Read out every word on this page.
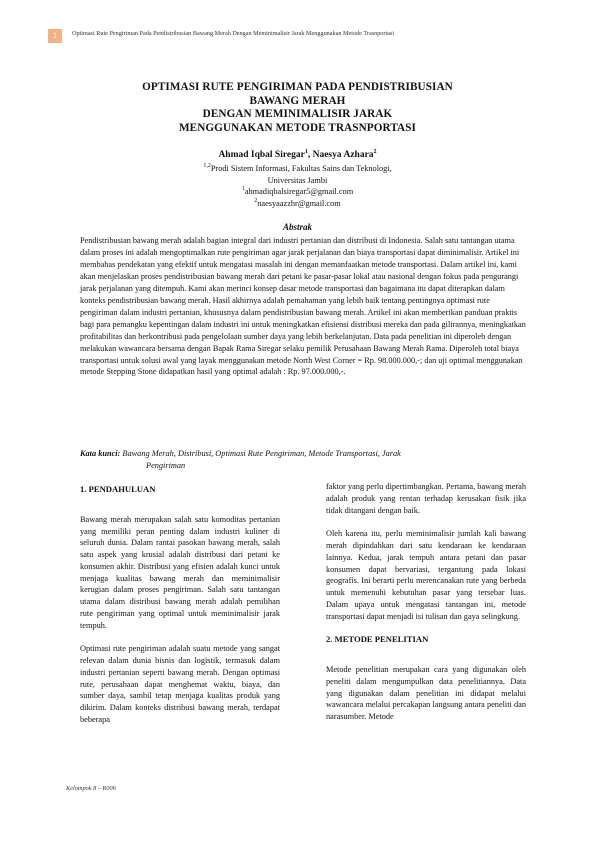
1	Optimasi Rute Pengiriman Pada Pendistribusian Bawang Merah Dengan Meminimalisir Jarak Menggunakan Metode Trasnportasi
OPTIMASI RUTE PENGIRIMAN PADA PENDISTRIBUSIAN
BAWANG MERAH
DENGAN MEMINIMALISIR JARAK
MENGGUNAKAN METODE TRASNPORTASI
Ahmad Iqbal Siregar$^1$, Naesya Azhara$^2$
$^{1,2}$Prodi Sistem Informasi, Fakultas Sains dan Teknologi,
Universitas Jambi
$^1$ahmadiqbalsiregar5@gmail.com
$^2$naesyaazzhr@gmail.com
Abstrak
Pendistribusian bawang merah adalah bagian integral dari industri pertanian dan distribusi di Indonesia. Salah satu tantangan utama dalam proses ini adalah mengoptimalkan rute pengiriman agar jarak perjalanan dan biaya transportasi dapat diminimalisir. Artikel ini membahas pendekatan yang efektif untuk mengatasi masalah ini dengan memanfaatkan metode transportasi. Dalam artikel ini, kami akan menjelaskan proses pendistribusian bawang merah dari petani ke pasar-pasar lokal atau nasional dengan fokus pada pengurangi jarak perjalanan yang ditempuh. Kami akan merinci konsep dasar metode transportasi dan bagaimana itu dapat diterapkan dalam konteks pendistribusian bawang merah. Hasil akhirnya adalah pemahaman yang lebih baik tentang pentingnya optimasi rute pengiriman dalam industri pertanian, khususnya dalam pendistribusian bawang merah. Artikel ini akan memberikan panduan praktis bagi para pemangku kepentingan dalam industri ini untuk meningkatkan efisiensi distribusi mereka dan pada gilirannya, meningkatkan profitabilitas dan berkontribusi pada pengelolaan sumber daya yang lebih berkelanjutan. Data pada penelitian ini diperoleh dengan melakukan wawancara bersama dengan Bapak Rama Siregar selaku pemilik Perusahaan Bawang Merah Rama. Diperoleh total biaya transportasi untuk solusi awal yang layak menggunakan metode North West Corner = Rp. 98.000.000,-; dan uji optimal menggunakan metode Stepping Stone didapatkan hasil yang optimal adalah : Rp. 97.000.000,-.
Kata kunci: Bawang Merah, Distribusi, Optimasi Rute Pengiriman, Metode Transportasi, Jarak
Pengiriman
1. PENDAHULUAN

Bawang merah merupakan salah satu komoditas pertanian yang memiliki peran penting dalam industri kuliner di seluruh dunia. Dalam rantai pasokan bawang merah, salah satu aspek yang krusial adalah distribusi dari petani ke konsumen akhir. Distribusi yang efisien adalah kunci untuk menjaga kualitas bawang merah dan meminimalisir kerugian dalam proses pengiriman. Salah satu tantangan utama dalam distribusi bawang merah adalah pemilihan rute pengiriman yang optimal untuk meminimalisir jarak tempuh.

Optimasi rute pengiriman adalah suatu metode yang sangat relevan dalam dunia bisnis dan logistik, termasuk dalam industri pertanian seperti bawang merah. Dengan optimasi rute, perusahaan dapat menghemat waktu, biaya, dan sumber daya, sambil tetap menjaga kualitas produk yang dikirim. Dalam konteks distribusi bawang merah, terdapat beberapa

faktor yang perlu dipertimbangkan. Pertama, bawang merah adalah produk yang rentan terhadap kerusakan fisik jika tidak ditangani dengan baik.

Oleh karena itu, perlu meminimalisir jumlah kali bawang merah dipindahkan dari satu kendaraan ke kendaraan lainnya. Kedua, jarak tempuh antara petani dan pasar konsumen dapat bervariasi, tergantung pada lokasi geografis. Ini berarti perlu merencanakan rute yang berbeda untuk memenuhi kebutuhan pasar yang tersebar luas. Dalam upaya untuk mengatasi tantangan ini, metode transportasi dapat menjadi isi tulisan dan gaya selingkung.

2. METODE PENELITIAN

Metode penelitian merupakan cara yang digunakan oleh peneliti dalam mengumpulkan data penelitiannya. Data yang digunakan dalam penelitian ini didapat melalui wawancara melalui percakapan langsung antara peneliti dan narasumber. Metode

Kelompok 8 – R006
